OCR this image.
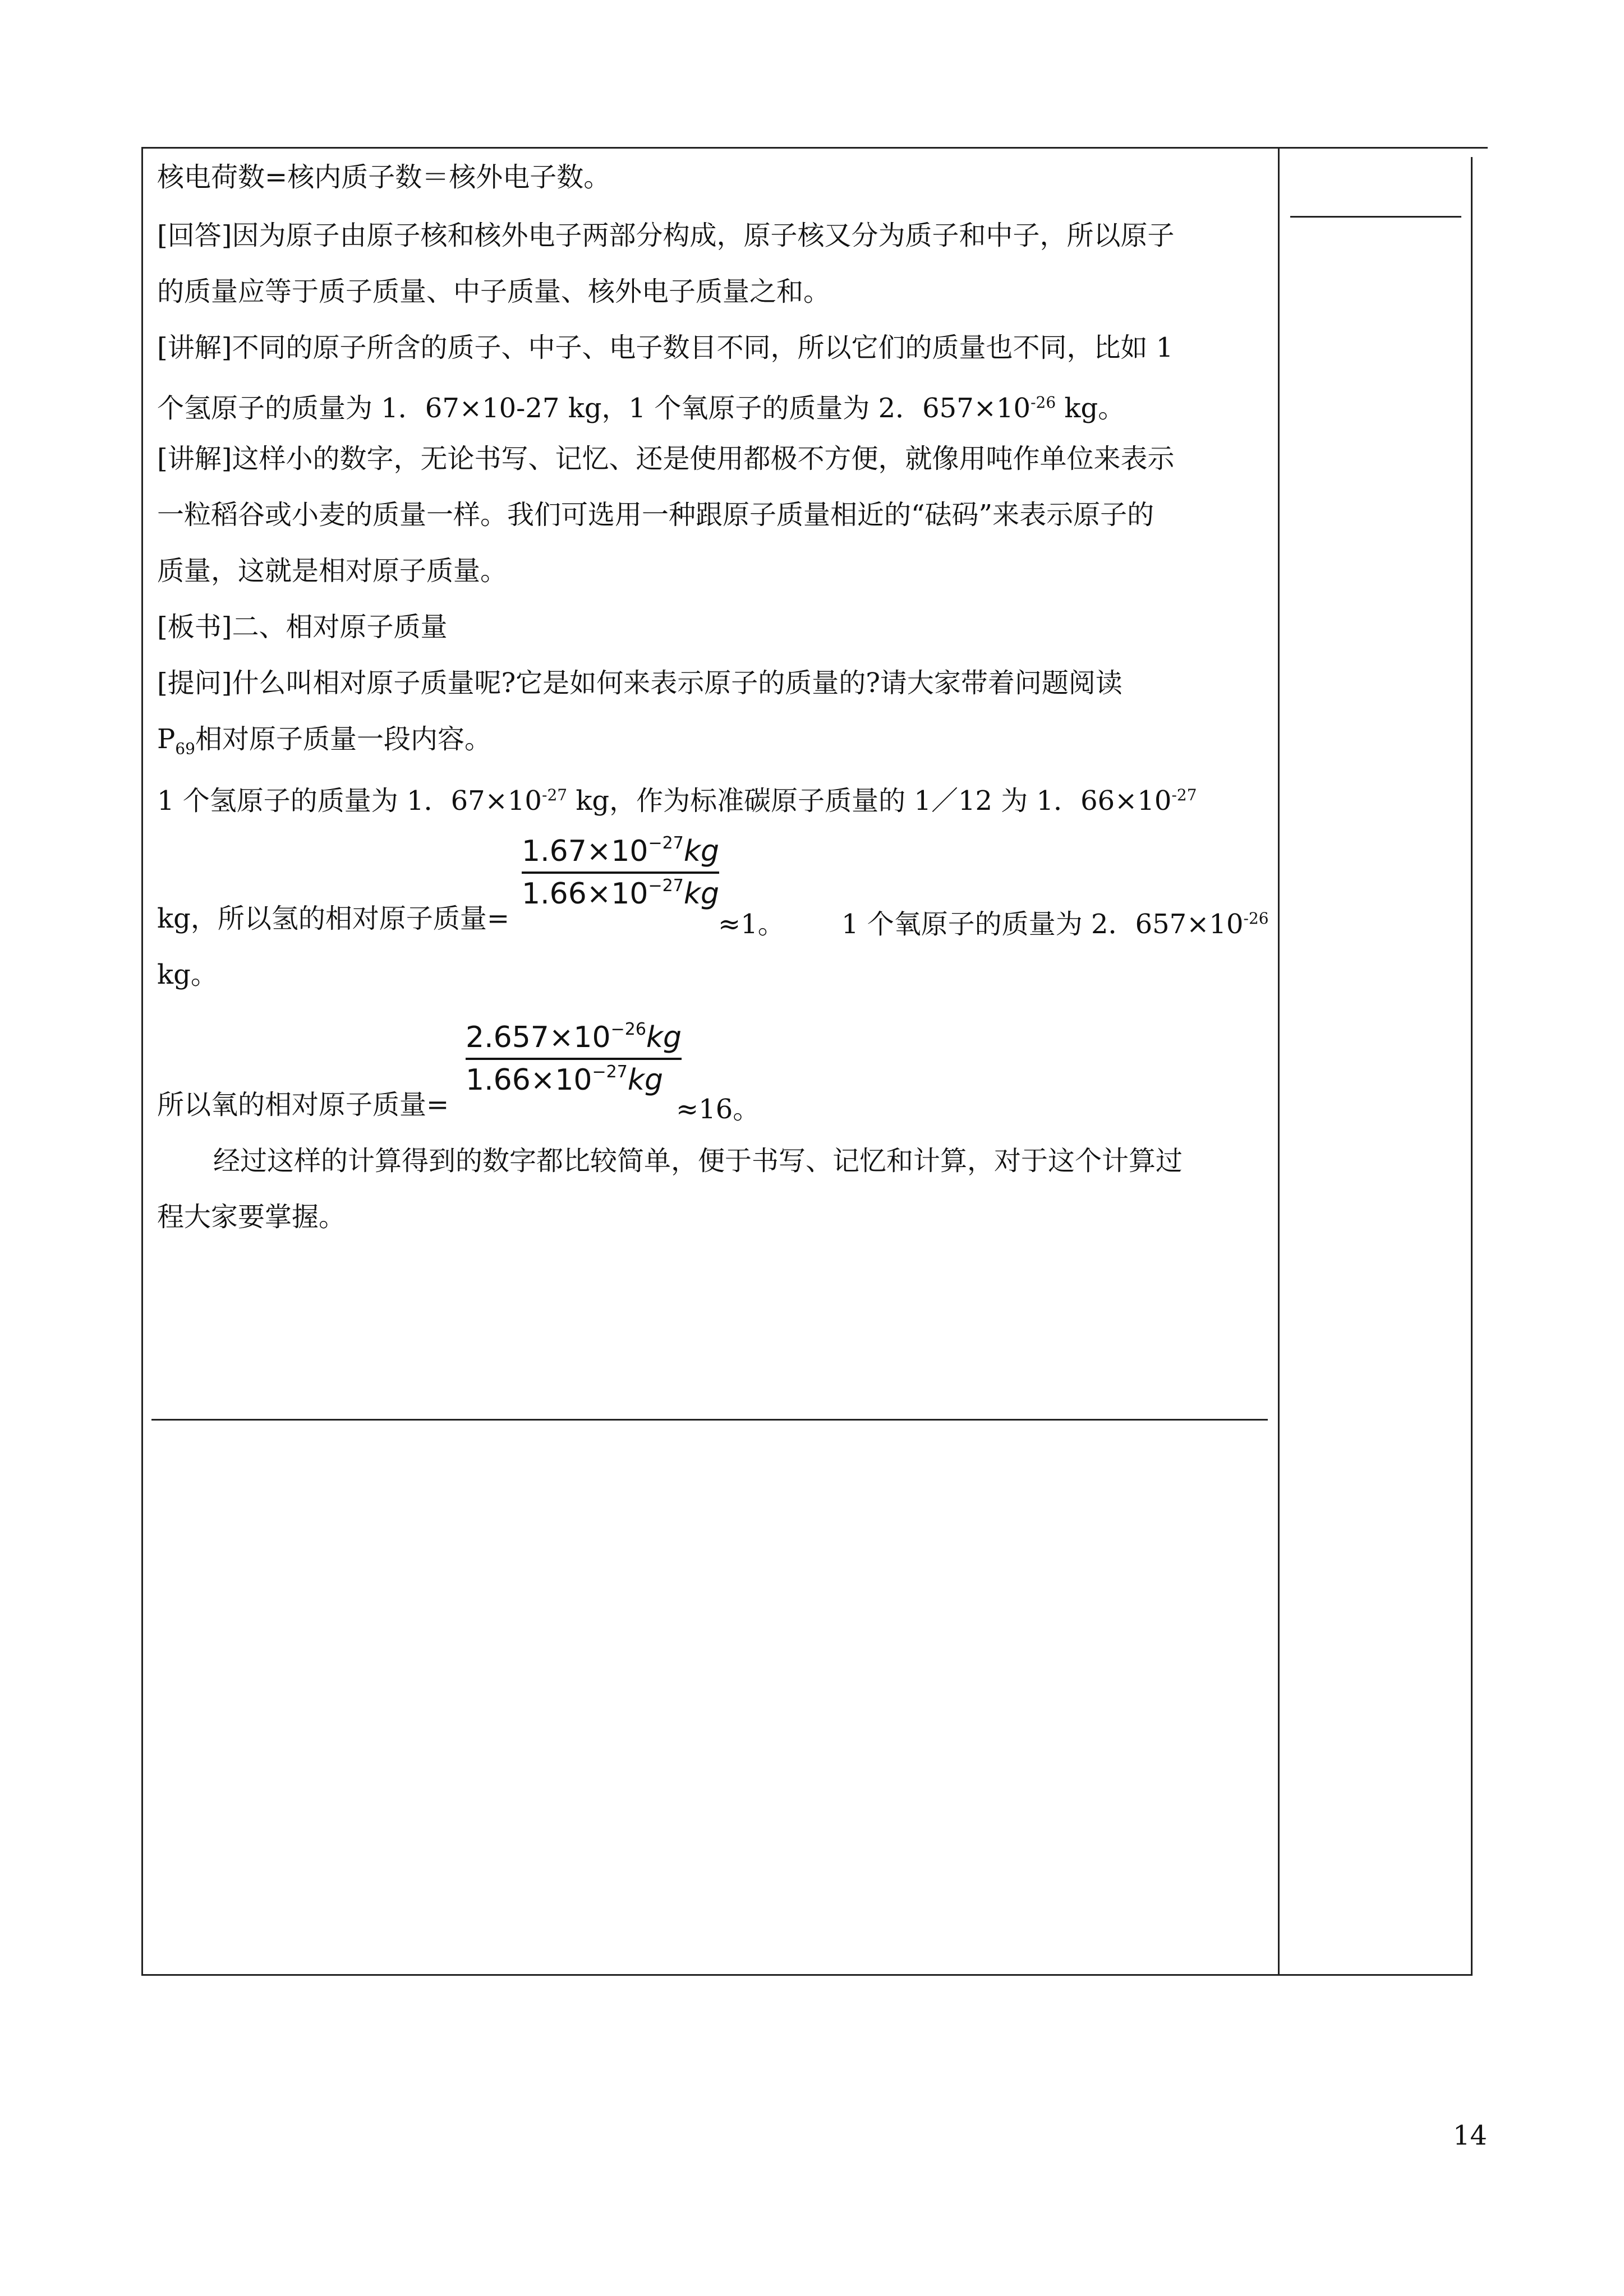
核电荷数=核内质子数＝核外电子数。
[回答]因为原子由原子核和核外电子两部分构成，原子核又分为质子和中子，所以原子
的质量应等于质子质量、中子质量、核外电子质量之和。
[讲解]不同的原子所含的质子、中子、电子数目不同，所以它们的质量也不同，比如 1
个氢原子的质量为 1．67×10-27 kg，1 个氧原子的质量为 2．$657\times 10^{-26}$ kg。
[讲解]这样小的数字，无论书写、记忆、还是使用都极不方便，就像用吨作单位来表示
一粒稻谷或小麦的质量一样。我们可选用一种跟原子质量相近的“砝码”来表示原子的
质量，这就是相对原子质量。
[板书]二、相对原子质量
[提问]什么叫相对原子质量呢?它是如何来表示原子的质量的?请大家带着问题阅读
$P_{69}$相对原子质量一段内容。
1 个氢原子的质量为 1．$67\times 10^{-27}$ kg，作为标准碳原子质量的 1／12 为 1．$66\times 10^{-27}$
$1.67\times 10^{-27}kg$
$1.66\times 10^{-27}kg$
kg，所以氢的相对原子质量=	≈1。 1 个氧原子的质量为 2．$657\times 10^{-26}$
kg。
$2.657\times 10^{-26}kg$
$1.66\times 10^{-27}kg$
所以氧的相对原子质量=	≈16。
经过这样的计算得到的数字都比较简单，便于书写、记忆和计算，对于这个计算过
程大家要掌握。
14
